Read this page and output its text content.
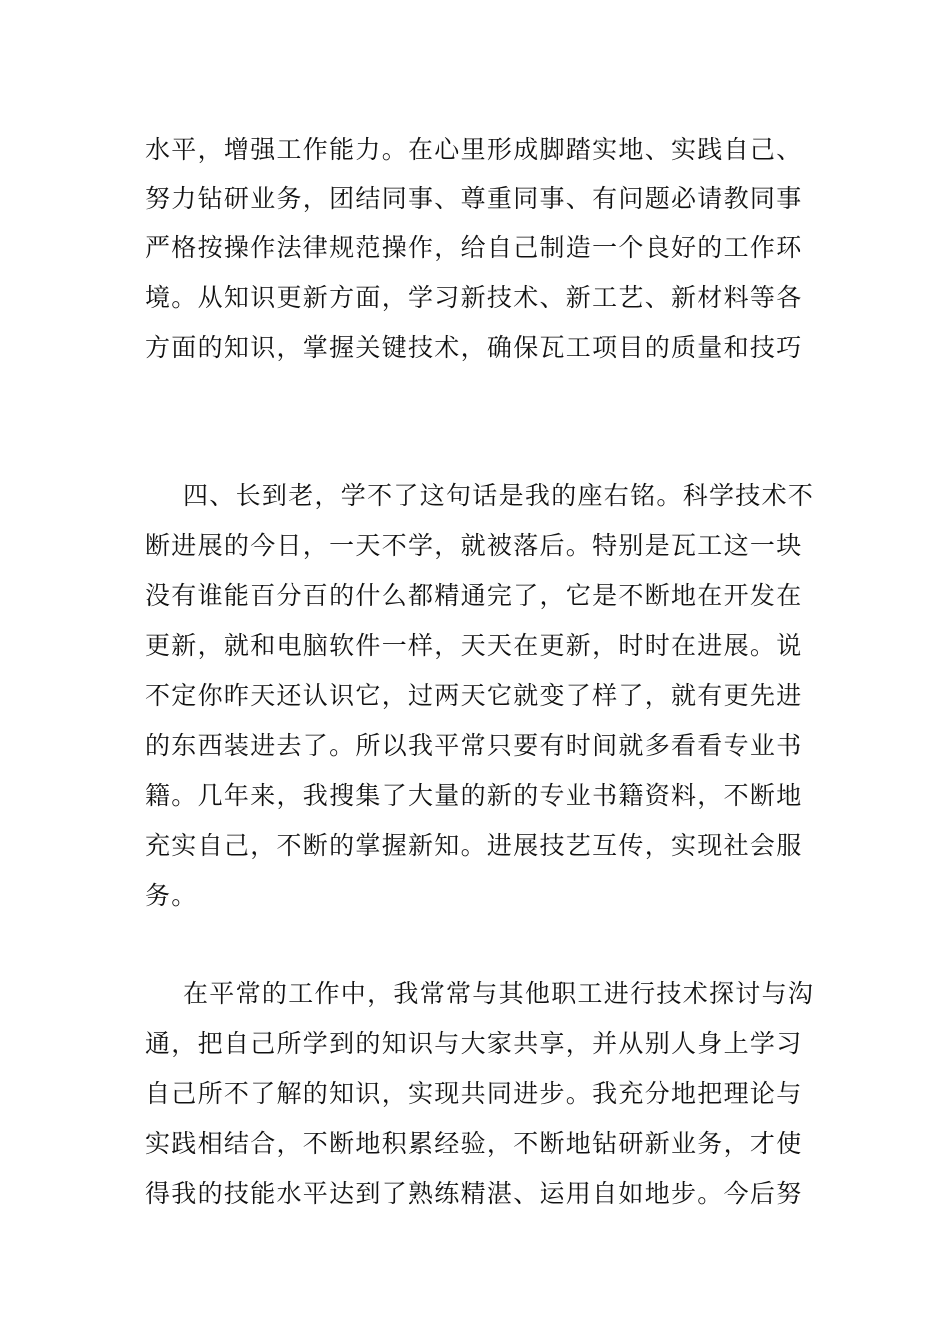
水平，增强工作能力。在心里形成脚踏实地、实践自己、
努力钻研业务，团结同事、尊重同事、有问题必请教同事
严格按操作法律规范操作，给自己制造一个良好的工作环
境。从知识更新方面，学习新技术、新工艺、新材料等各
方面的知识，掌握关键技术，确保瓦工项目的质量和技巧
四、长到老，学不了这句话是我的座右铭。科学技术不
断进展的今日，一天不学，就被落后。特别是瓦工这一块
没有谁能百分百的什么都精通完了，它是不断地在开发在
更新，就和电脑软件一样，天天在更新，时时在进展。说
不定你昨天还认识它，过两天它就变了样了，就有更先进
的东西装进去了。所以我平常只要有时间就多看看专业书
籍。几年来，我搜集了大量的新的专业书籍资料，不断地
充实自己，不断的掌握新知。进展技艺互传，实现社会服
务。
在平常的工作中，我常常与其他职工进行技术探讨与沟
通，把自己所学到的知识与大家共享，并从别人身上学习
自己所不了解的知识，实现共同进步。我充分地把理论与
实践相结合，不断地积累经验，不断地钻研新业务，才使
得我的技能水平达到了熟练精湛、运用自如地步。今后努
